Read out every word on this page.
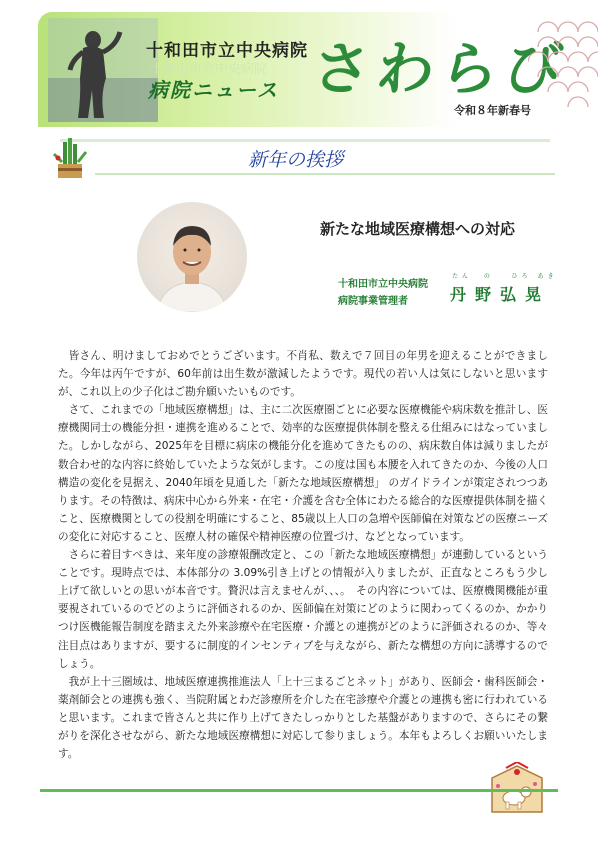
十和田市立中央病院
十和田市立中央病院
病院ニュース さわらび
令和８年新春号
新年の挨拶
新たな地域医療構想への対応
十和田市立中央病院
病院事業管理者
たん  の   ひろ あき
丹野弘晃

皆さん、明けましておめでとうございます。不肖私、数えで７回目の年男を迎えることができました。今年は丙午ですが、60年前は出生数が激減したようです。現代の若い人は気にしないと思いますが、これ以上の少子化はご勘弁願いたいものです。

さて、これまでの「地域医療構想」は、主に二次医療圏ごとに必要な医療機能や病床数を推計し、医療機関同士の機能分担・連携を進めることで、効率的な医療提供体制を整える仕組みにはなっていました。しかしながら、2025年を目標に病床の機能分化を進めてきたものの、病床数自体は減りましたが数合わせ的な内容に終始していたような気がします。この度は国も本腰を入れてきたのか、今後の人口構造の変化を見据え、2040年頃を見通した「新たな地域医療構想」 のガイドラインが策定されつつあります。その特徴は、病床中心から外来・在宅・介護を含む全体にわたる総合的な医療提供体制を描くこと、医療機関としての役割を明確にすること、85歳以上人口の急増や医師偏在対策などの医療ニーズの変化に対応すること、医療人材の確保や精神医療の位置づけ、などとなっています。

さらに着目すべきは、来年度の診療報酬改定と、この「新たな地域医療構想」が連動しているということです。現時点では、本体部分の 3.09%引き上げとの情報が入りましたが、正直なところもう少し上げて欲しいとの思いが本音です。贅沢は言えませんが、、、。　その内容については、医療機関機能が重要視されているのでどのように評価されるのか、医師偏在対策にどのように関わってくるのか、かかりつけ医機能報告制度を踏まえた外来診療や在宅医療・介護との連携がどのように評価されるのか、等々注目点はありますが、要するに制度的インセンティブを与えながら、新たな構想の方向に誘導するのでしょう。

我が上十三圏域は、地域医療連携推進法人「上十三まるごとネット」があり、医師会・歯科医師会・薬剤師会との連携も強く、当院附属とわだ診療所を介した在宅診療や介護との連携も密に行われていると思います。これまで皆さんと共に作り上げてきたしっかりとした基盤がありますので、さらにその繋がりを深化させながら、新たな地域医療構想に対応して参りましょう。本年もよろしくお願いいたします。
